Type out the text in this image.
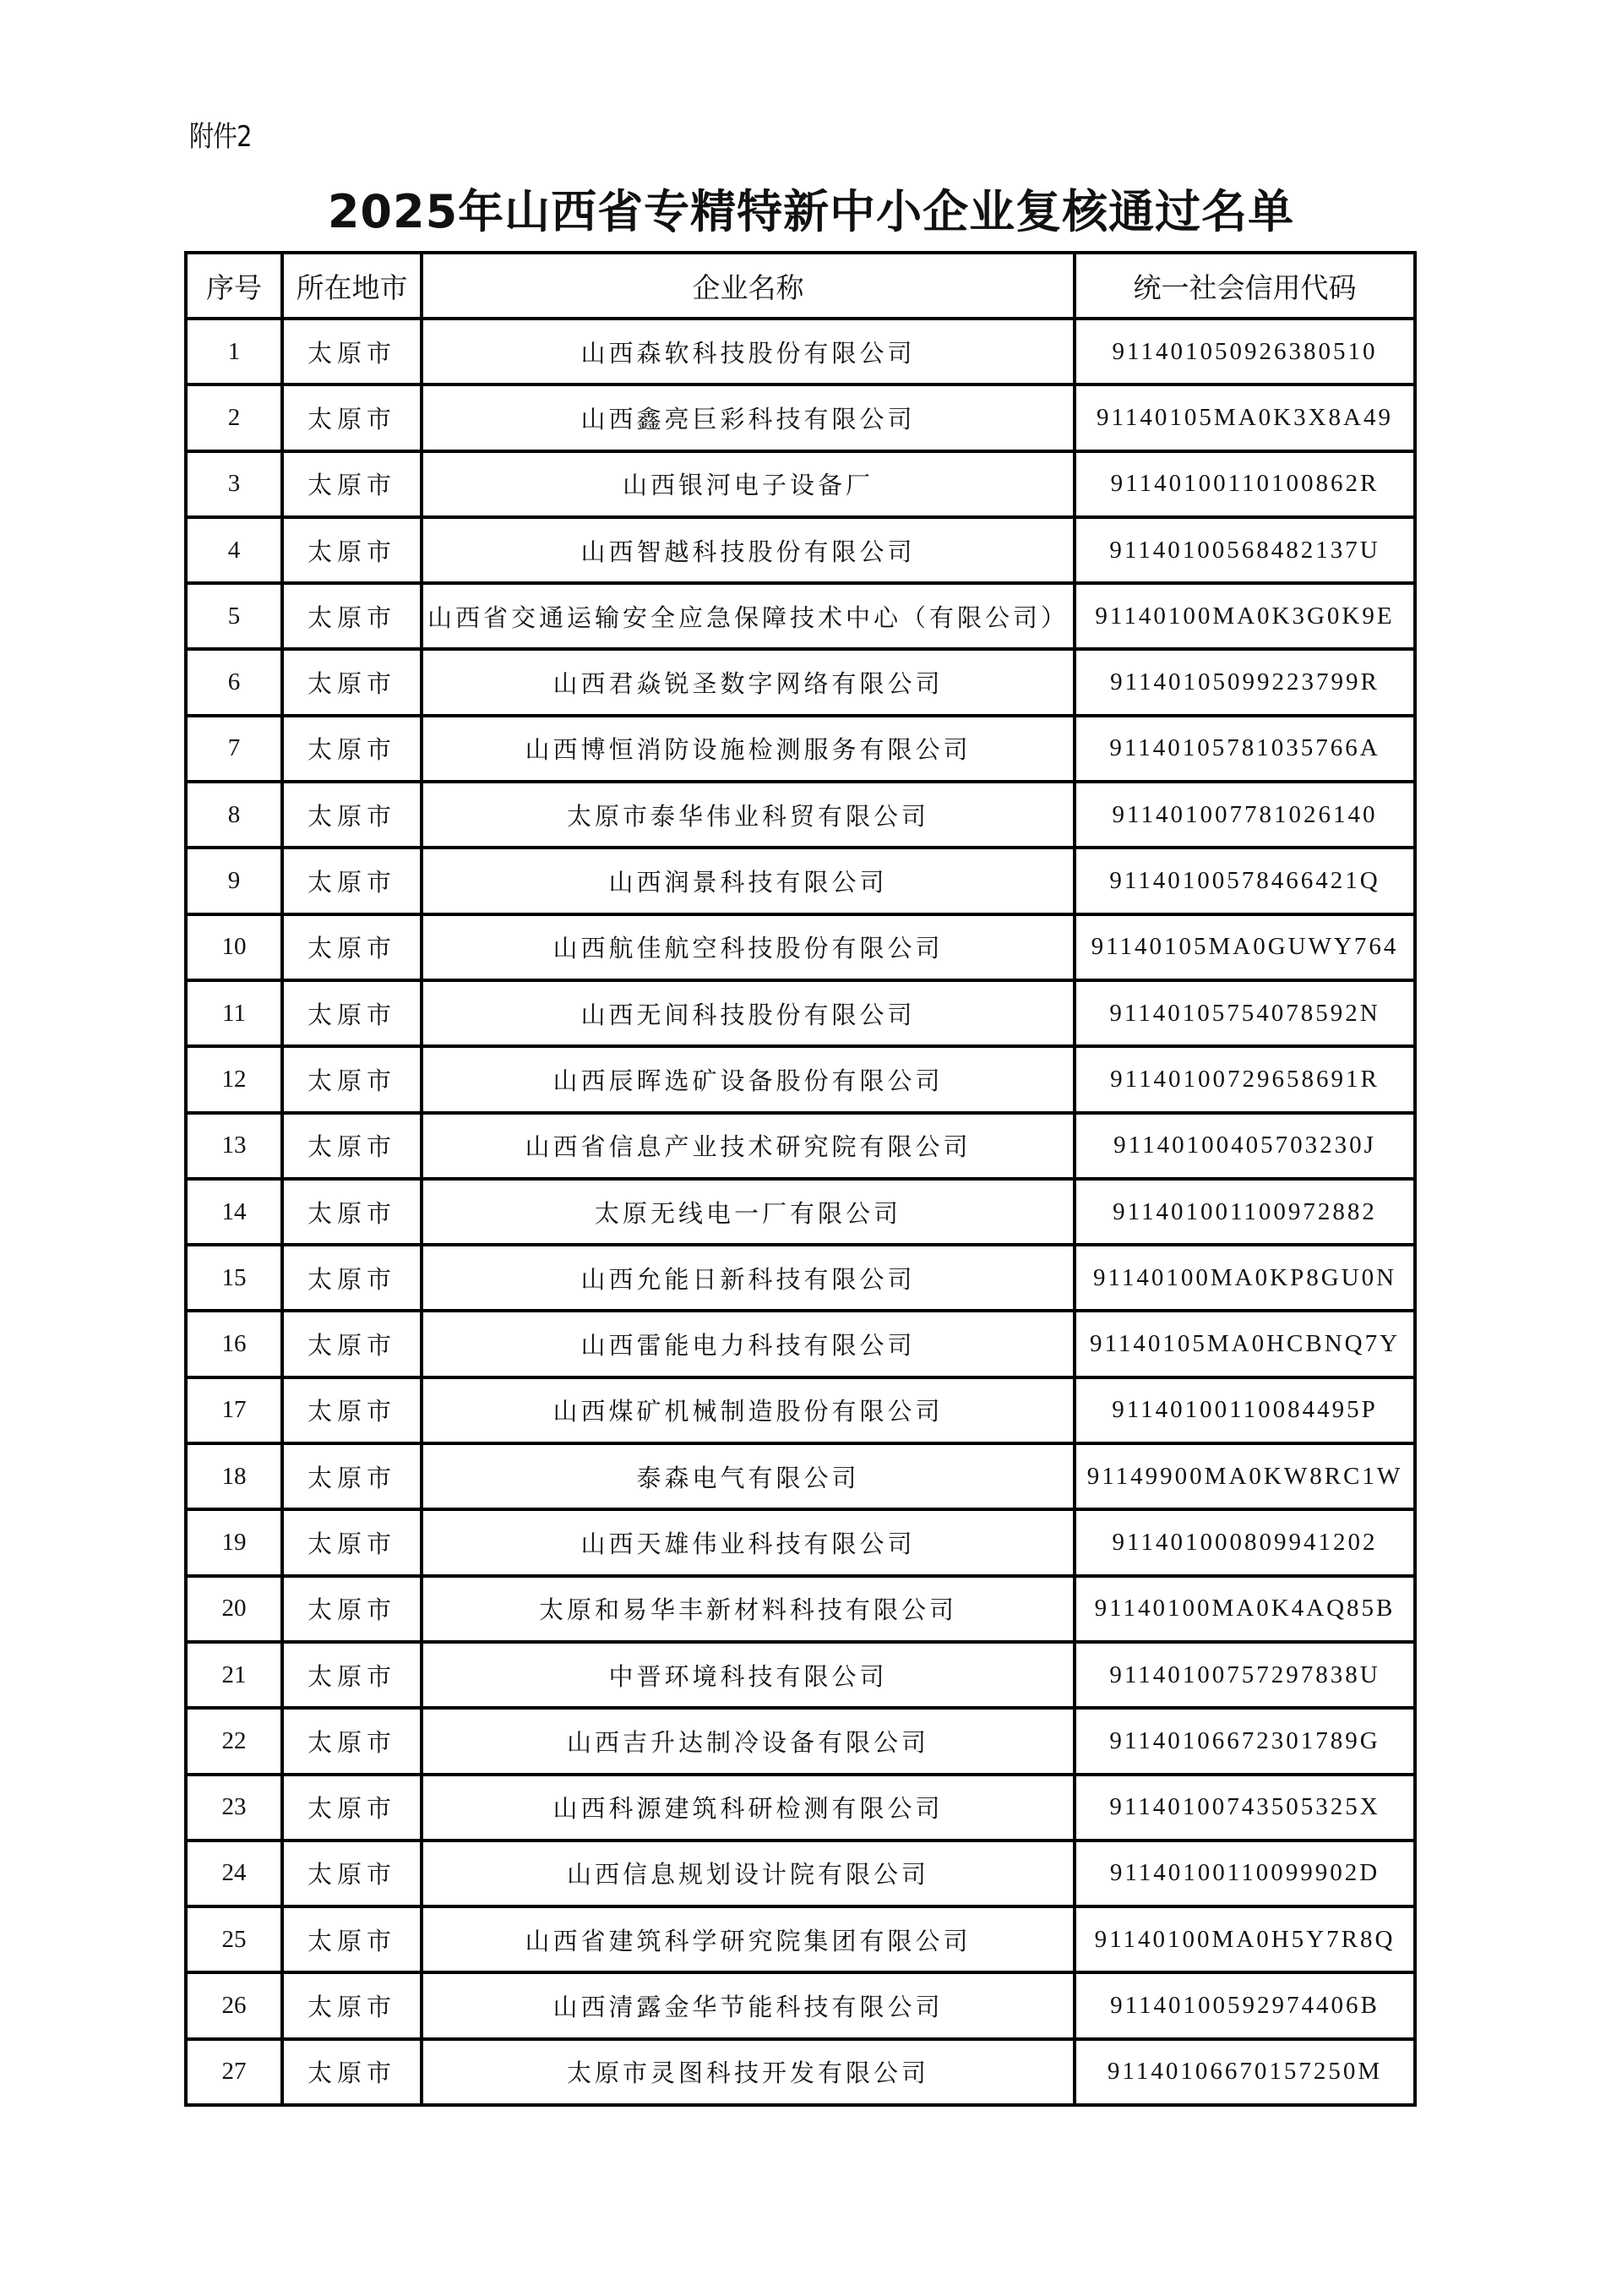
附件2
2025年山西省专精特新中小企业复核通过名单
序号	所在地市	企业名称	统一社会信用代码
1	太原市	山西森软科技股份有限公司	911401050926380510
2	太原市	山西鑫亮巨彩科技有限公司	91140105MA0K3X8A49
3	太原市	山西银河电子设备厂	91140100110100862R
4	太原市	山西智越科技股份有限公司	91140100568482137U
5	太原市	山西省交通运输安全应急保障技术中心（有限公司）	91140100MA0K3G0K9E
6	太原市	山西君焱锐圣数字网络有限公司	91140105099223799R
7	太原市	山西博恒消防设施检测服务有限公司	91140105781035766A
8	太原市	太原市泰华伟业科贸有限公司	911401007781026140
9	太原市	山西润景科技有限公司	91140100578466421Q
10	太原市	山西航佳航空科技股份有限公司	91140105MA0GUWY764
11	太原市	山西无间科技股份有限公司	91140105754078592N
12	太原市	山西辰晖选矿设备股份有限公司	91140100729658691R
13	太原市	山西省信息产业技术研究院有限公司	91140100405703230J
14	太原市	太原无线电一厂有限公司	911401001100972882
15	太原市	山西允能日新科技有限公司	91140100MA0KP8GU0N
16	太原市	山西雷能电力科技有限公司	91140105MA0HCBNQ7Y
17	太原市	山西煤矿机械制造股份有限公司	91140100110084495P
18	太原市	泰森电气有限公司	91149900MA0KW8RC1W
19	太原市	山西天雄伟业科技有限公司	911401000809941202
20	太原市	太原和易华丰新材料科技有限公司	91140100MA0K4AQ85B
21	太原市	中晋环境科技有限公司	91140100757297838U
22	太原市	山西吉升达制冷设备有限公司	91140106672301789G
23	太原市	山西科源建筑科研检测有限公司	91140100743505325X
24	太原市	山西信息规划设计院有限公司	91140100110099902D
25	太原市	山西省建筑科学研究院集团有限公司	91140100MA0H5Y7R8Q
26	太原市	山西清露金华节能科技有限公司	91140100592974406B
27	太原市	太原市灵图科技开发有限公司	91140106670157250M
